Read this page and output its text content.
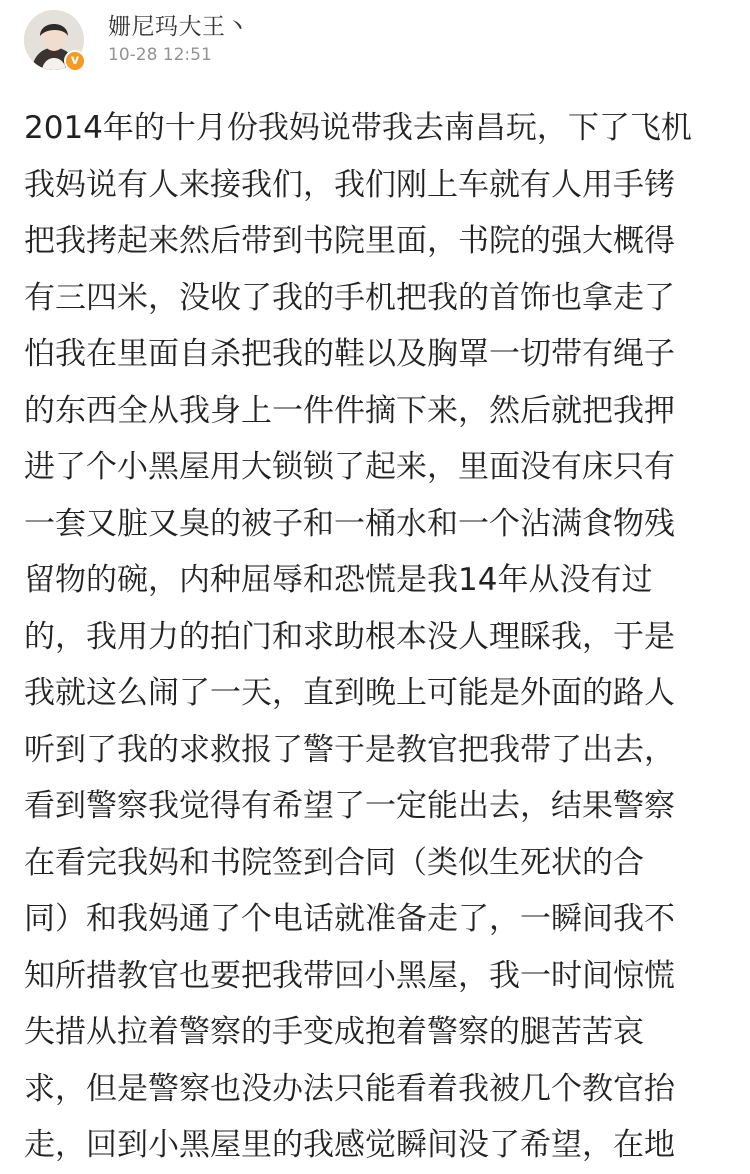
v
姗尼玛大王丶
10-28 12:51
2014年的十月份我妈说带我去南昌玩，下了飞机
我妈说有人来接我们，我们刚上车就有人用手铐
把我拷起来然后带到书院里面，书院的强大概得
有三四米，没收了我的手机把我的首饰也拿走了
怕我在里面自杀把我的鞋以及胸罩一切带有绳子
的东西全从我身上一件件摘下来，然后就把我押
进了个小黑屋用大锁锁了起来，里面没有床只有
一套又脏又臭的被子和一桶水和一个沾满食物残
留物的碗，内种屈辱和恐慌是我14年从没有过
的，我用力的拍门和求助根本没人理睬我，于是
我就这么闹了一天，直到晚上可能是外面的路人
听到了我的求救报了警于是教官把我带了出去，
看到警察我觉得有希望了一定能出去，结果警察
在看完我妈和书院签到合同（类似生死状的合
同）和我妈通了个电话就准备走了，一瞬间我不
知所措教官也要把我带回小黑屋，我一时间惊慌
失措从拉着警察的手变成抱着警察的腿苦苦哀
求，但是警察也没办法只能看着我被几个教官抬
走，回到小黑屋里的我感觉瞬间没了希望，在地
